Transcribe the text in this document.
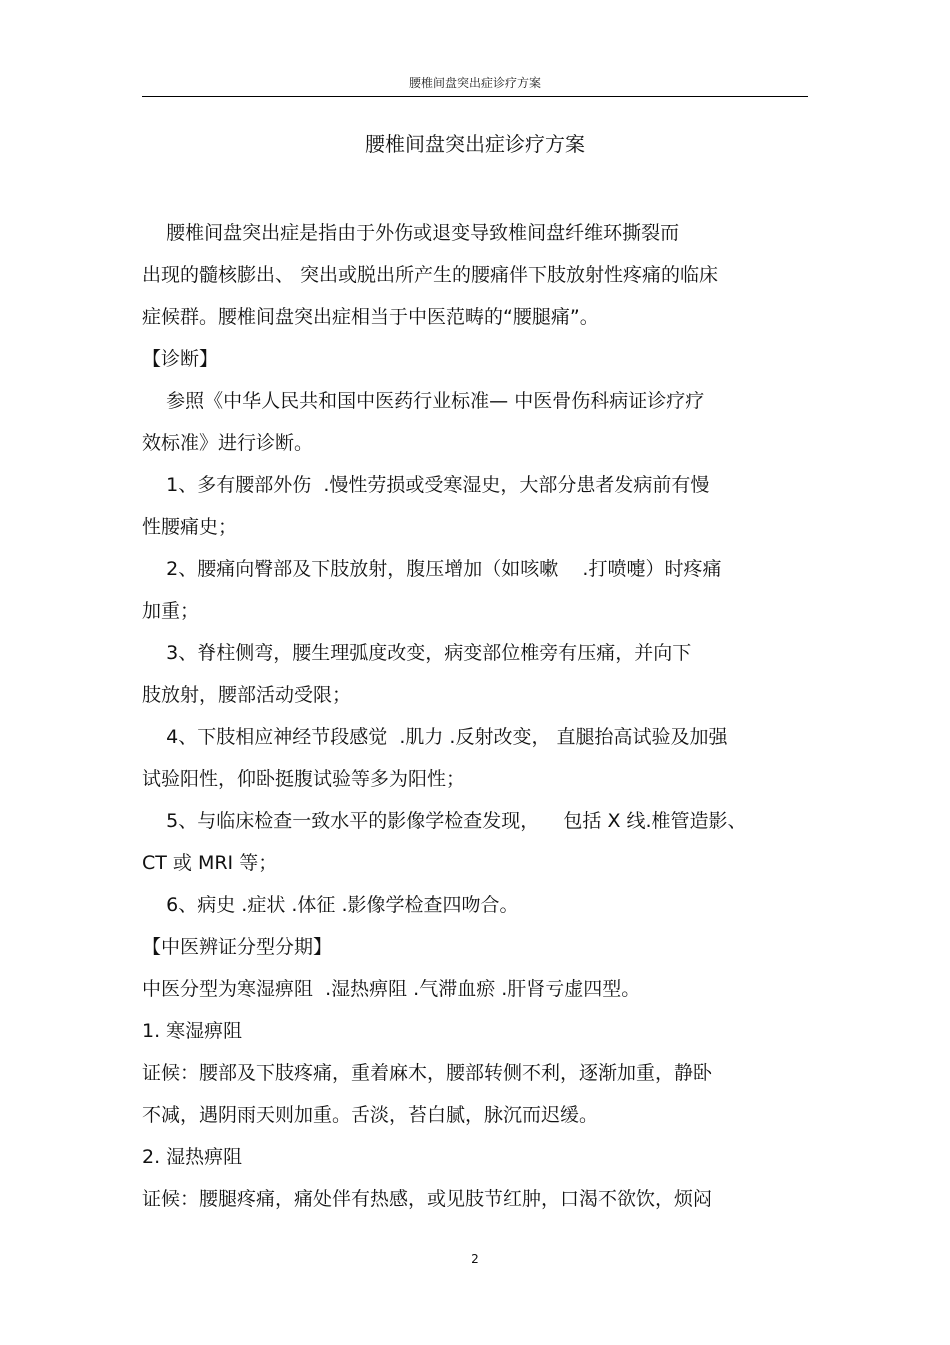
腰椎间盘突出症诊疗方案
腰椎间盘突出症诊疗方案
腰椎间盘突出症是指由于外伤或退变导致椎间盘纤维环撕裂而
出现的髓核膨出、 突出或脱出所产生的腰痛伴下肢放射性疼痛的临床
症候群。腰椎间盘突出症相当于中医范畴的“腰腿痛”。
【诊断】
参照《中华人民共和国中医药行业标准— 中医骨伤科病证诊疗疗
效标准》进行诊断。
1、多有腰部外伤  .慢性劳损或受寒湿史，大部分患者发病前有慢
性腰痛史；
2、腰痛向臀部及下肢放射，腹压增加（如咳嗽    .打喷嚏）时疼痛
加重；
3、脊柱侧弯，腰生理弧度改变，病变部位椎旁有压痛，并向下
肢放射，腰部活动受限；
4、下肢相应神经节段感觉  .肌力 .反射改变， 直腿抬高试验及加强
试验阳性，仰卧挺腹试验等多为阳性；
5、与临床检查一致水平的影像学检查发现，    包括 X 线.椎管造影、
CT 或 MRI 等；
6、病史 .症状 .体征 .影像学检查四吻合。
【中医辨证分型分期】
中医分型为寒湿痹阻  .湿热痹阻 .气滞血瘀 .肝肾亏虚四型。
1. 寒湿痹阻
证候：腰部及下肢疼痛，重着麻木，腰部转侧不利，逐渐加重，静卧
不减，遇阴雨天则加重。舌淡，苔白腻，脉沉而迟缓。
2. 湿热痹阻
证候：腰腿疼痛，痛处伴有热感，或见肢节红肿，口渴不欲饮，烦闷
2
